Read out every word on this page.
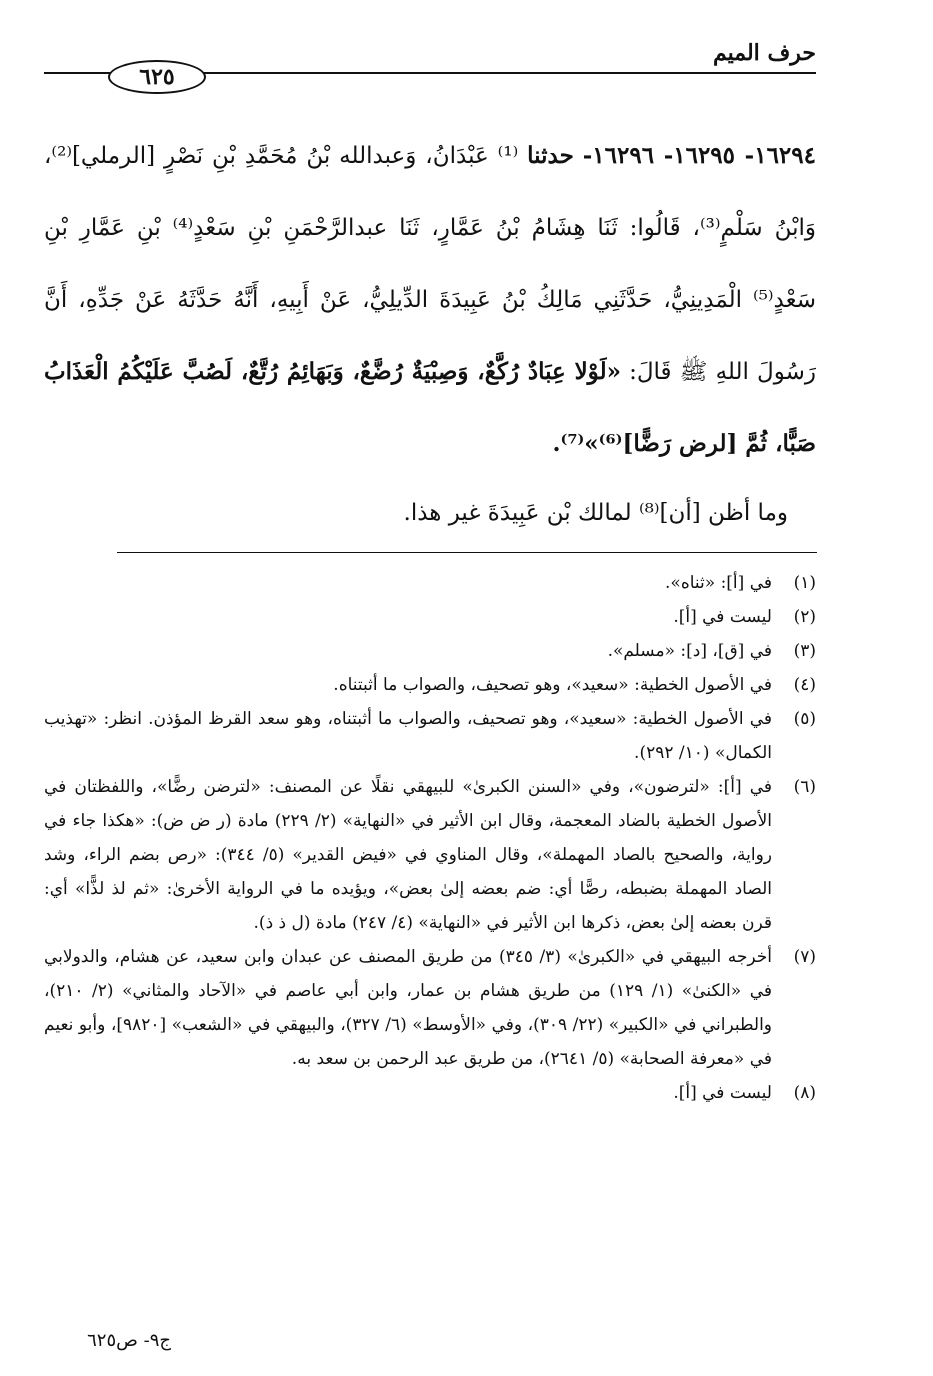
حرف الميم
٦٢٥

١٦٢٩٤- ١٦٢٩٥- ١٦٢٩٦- حدثنا ⁽¹⁾ عَبْدَانُ، وَعبدالله بْنُ مُحَمَّدِ بْنِ نَصْرٍ [الرملي]⁽²⁾، وَابْنُ سَلْمٍ⁽³⁾، قَالُوا: ثَنَا هِشَامُ بْنُ عَمَّارٍ، ثَنَا عبدالرَّحْمَنِ بْنِ سَعْدٍ⁽⁴⁾ بْنِ عَمَّارِ بْنِ سَعْدٍ⁽⁵⁾ الْمَدِينِيُّ، حَدَّثَنِي مَالِكُ بْنُ عَبِيدَةَ الدِّيلِيُّ، عَنْ أَبِيهِ، أَنَّهُ حَدَّثَهُ عَنْ جَدِّهِ، أَنَّ رَسُولَ اللهِ ﷺ قَالَ: «لَوْلا عِبَادٌ رُكَّعٌ، وَصِبْيَةٌ رُضَّعٌ، وَبَهَائِمُ رُتَّعٌ، لَصُبَّ عَلَيْكُمُ الْعَذَابُ صَبًّا، ثُمَّ [لرض رَضًّا]⁽⁶⁾»⁽⁷⁾.

وما أظن [أن]⁽⁸⁾ لمالك بْن عَبِيدَةَ غير هذا.

(١)
في [أ]: «ثناه».
(٢)
ليست في [أ].
(٣)
في [ق]، [د]: «مسلم».
(٤)
في الأصول الخطية: «سعيد»، وهو تصحيف، والصواب ما أثبتناه.
(٥)
في الأصول الخطية: «سعيد»، وهو تصحيف، والصواب ما أثبتناه، وهو سعد القرظ المؤذن. انظر: «تهذيب الكمال» (١٠/ ٢٩٢).
(٦)
في [أ]: «لترضون»، وفي «السنن الكبرىٰ» للبيهقي نقلًا عن المصنف: «لترضن رضًّا»، واللفظتان في الأصول الخطية بالضاد المعجمة، وقال ابن الأثير في «النهاية» (٢/ ٢٢٩) مادة (ر ض ض): «هكذا جاء في رواية، والصحيح بالصاد المهملة»، وقال المناوي في «فيض القدير» (٥/ ٣٤٤): «رص بضم الراء، وشد الصاد المهملة بضبطه، رصًّا أي: ضم بعضه إلىٰ بعض»، ويؤيده ما في الرواية الأخرىٰ: «ثم لذ لذًّا» أي: قرن بعضه إلىٰ بعض، ذكرها ابن الأثير في «النهاية» (٤/ ٢٤٧) مادة (ل ذ ذ).
(٧)
أخرجه البيهقي في «الكبرىٰ» (٣/ ٣٤٥) من طريق المصنف عن عبدان وابن سعيد، عن هشام، والدولابي في «الكنىٰ» (١/ ١٢٩) من طريق هشام بن عمار، وابن أبي عاصم في «الآحاد والمثاني» (٢/ ٢١٠)، والطبراني في «الكبير» (٢٢/ ٣٠٩)، وفي «الأوسط» (٦/ ٣٢٧)، والبيهقي في «الشعب» [٩٨٢٠]، وأبو نعيم في «معرفة الصحابة» (٥/ ٢٦٤١)، من طريق عبد الرحمن بن سعد به.
(٨)
ليست في [أ].
ج٩- ص٦٢٥
